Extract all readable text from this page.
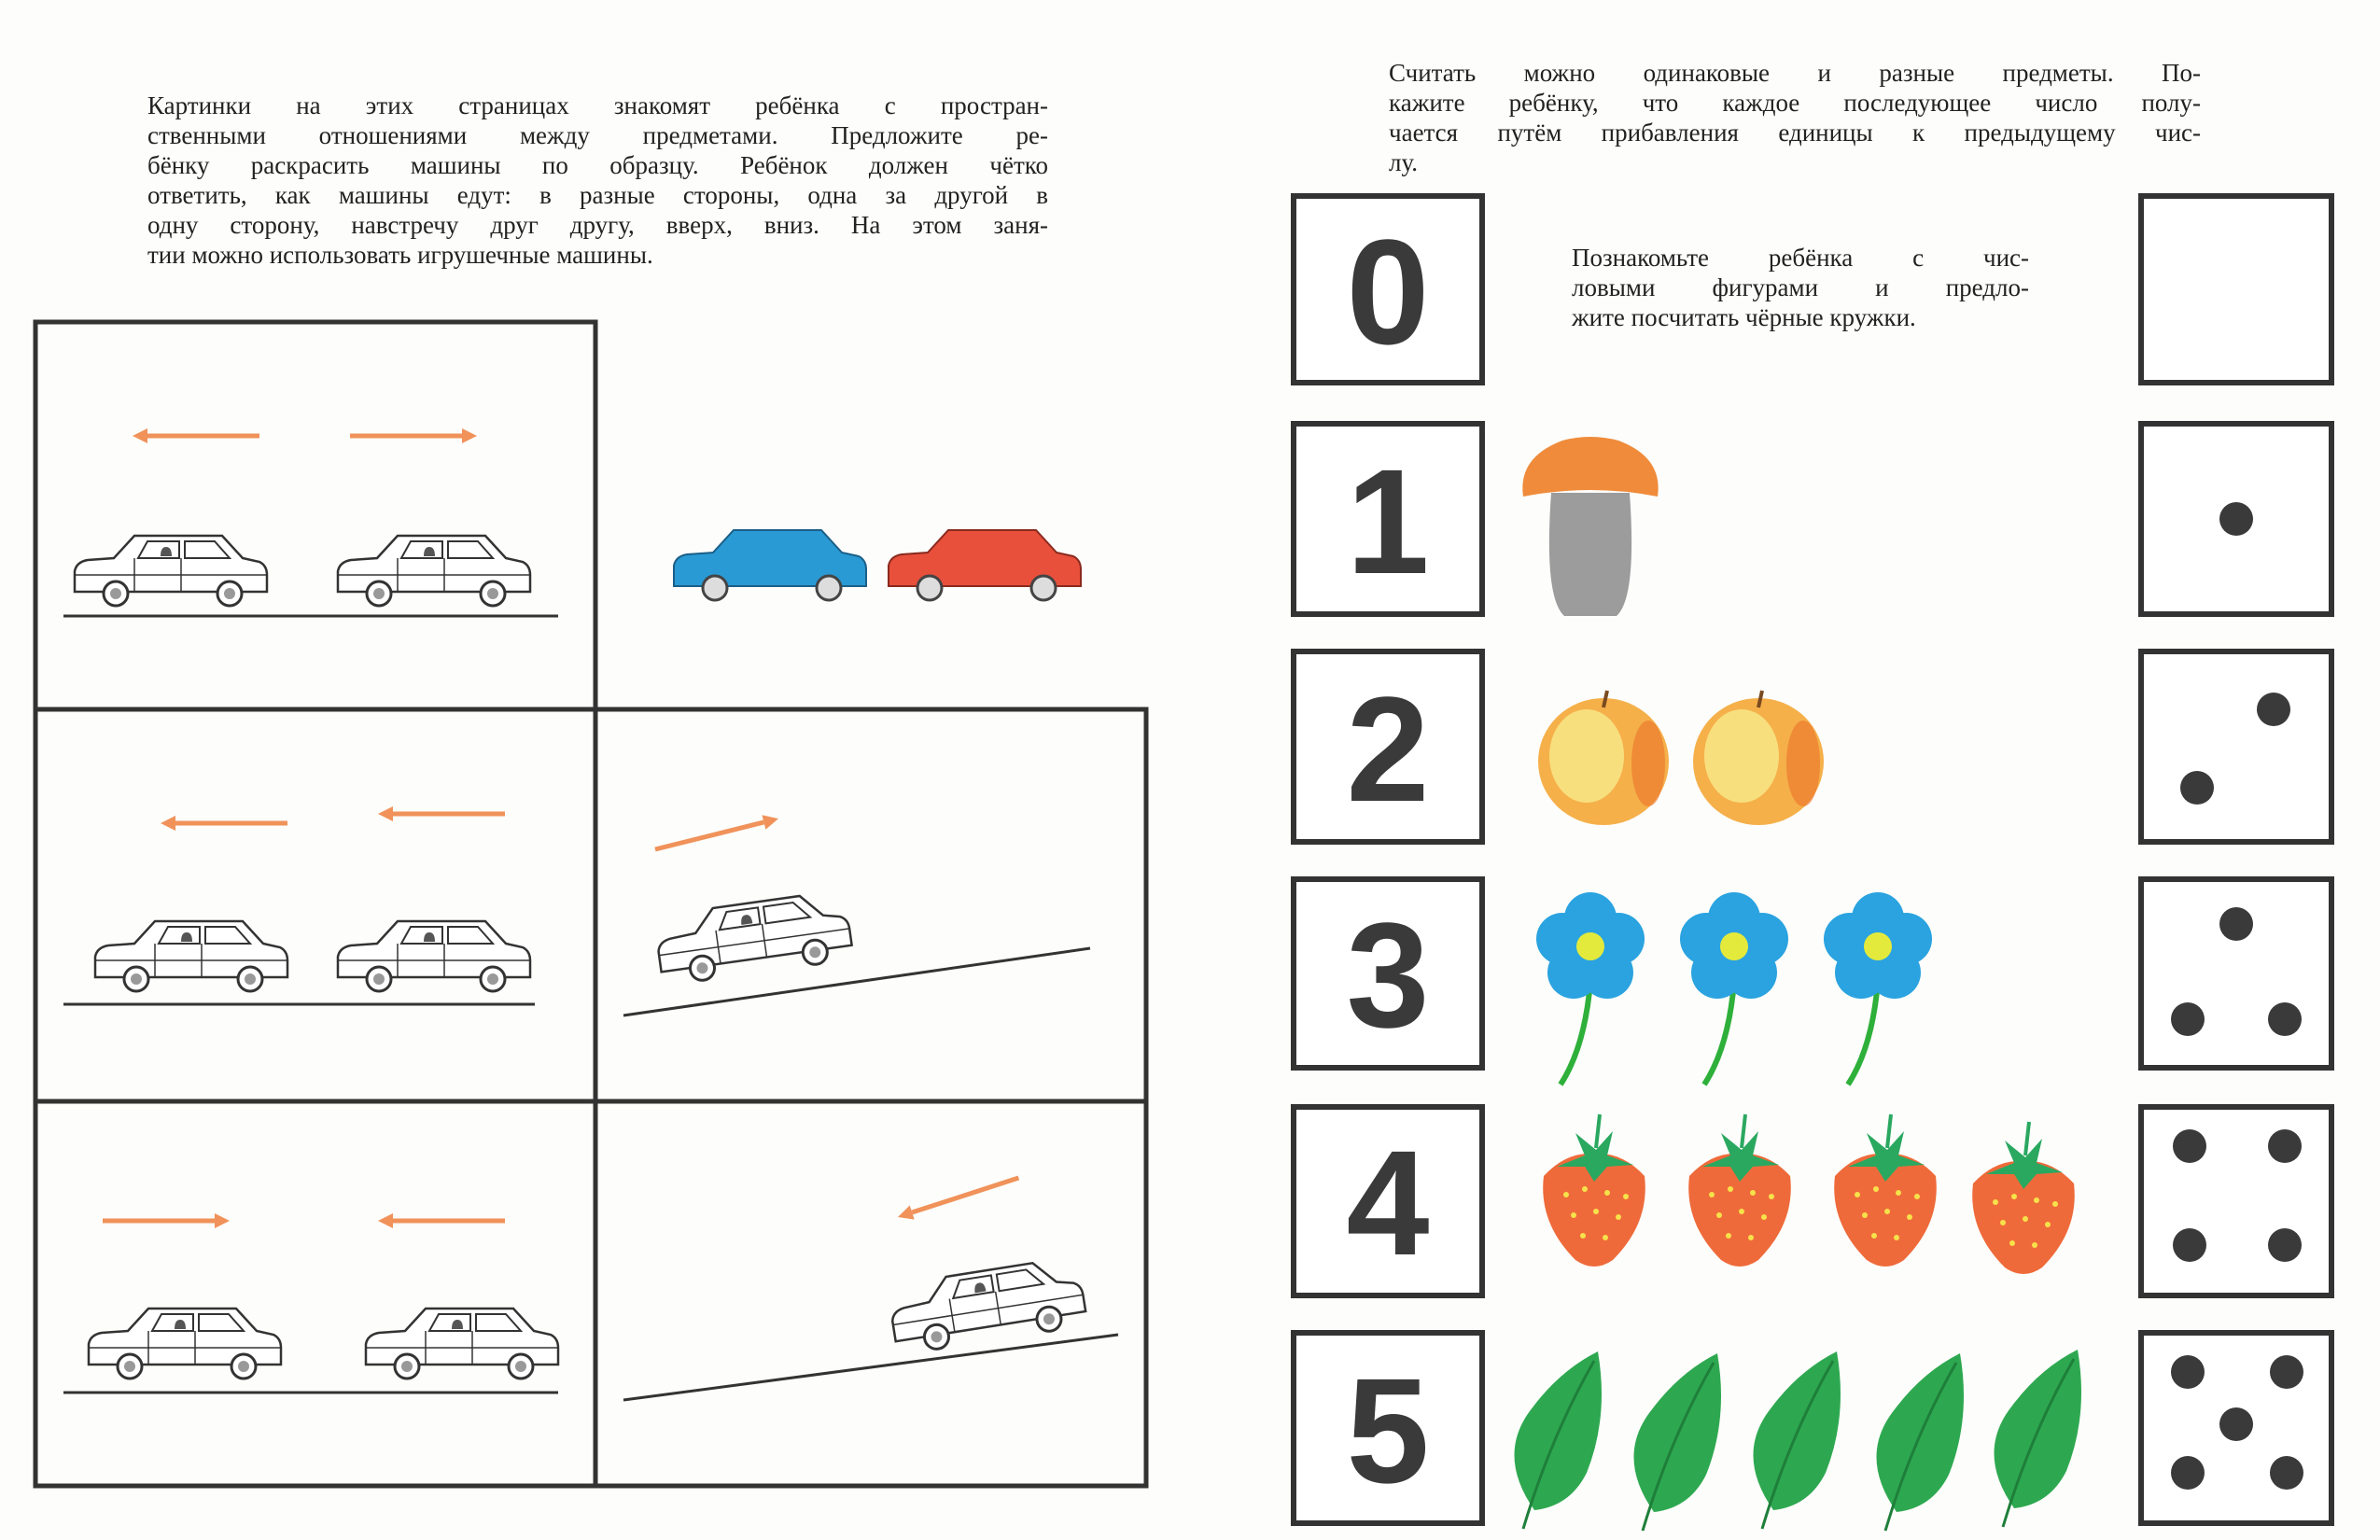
Картинки на этих страницах знакомят ребёнка с простран-
ственными отношениями между предметами. Предложите ре-
бёнку раскрасить машины по образцу. Ребёнок должен чётко
ответить, как машины едут: в разные стороны, одна за другой в
одну сторону, навстречу друг другу, вверх, вниз. На этом заня-
тии можно использовать игрушечные машины.
Считать можно одинаковые и разные предметы. По-
кажите ребёнку, что каждое последующее число полу-
чается путём прибавления единицы к предыдущему чис-
лу.
Познакомьте ребёнка с чис-
ловыми фигурами и предло-
жите посчитать чёрные кружки.
0
1
2
3
4
5
